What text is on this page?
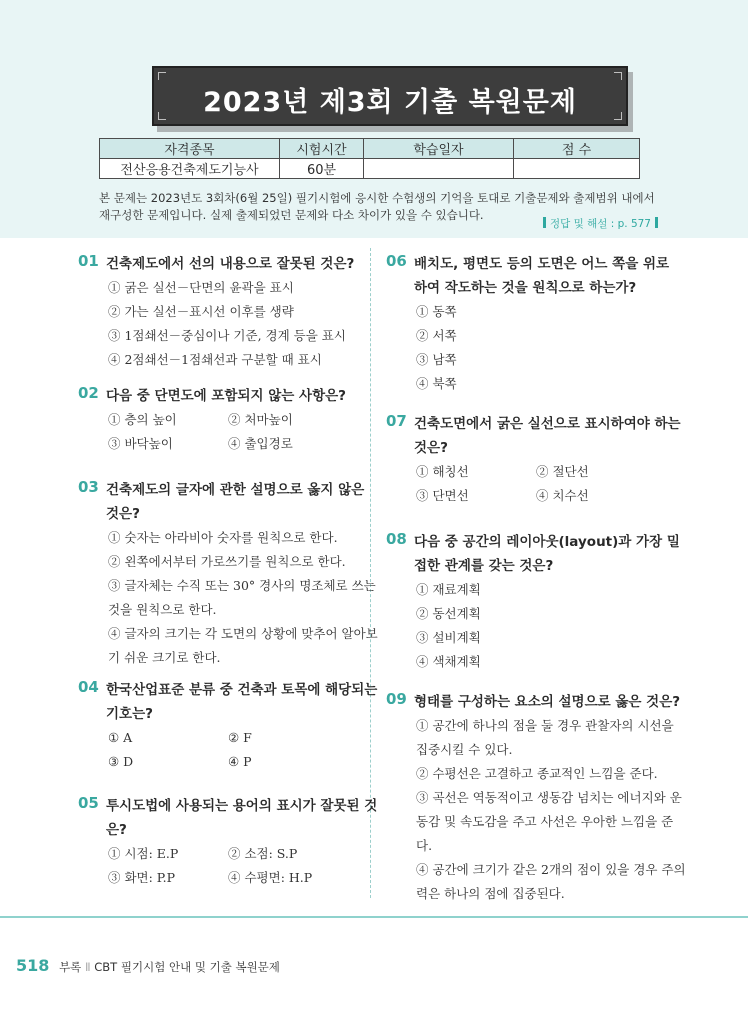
2023년 제3회 기출 복원문제
자격종목	시험시간	학습일자	점 수
전산응용건축제도기능사	60분		
본 문제는 2023년도 3회차(6월 25일) 필기시험에 응시한 수험생의 기억을 토대로 기출문제와 출제범위 내에서
재구성한 문제입니다. 실제 출제되었던 문제와 다소 차이가 있을 수 있습니다.
정답 및 해설 : p. 577
01 건축제도에서 선의 내용으로 잘못된 것은?
① 굵은 실선－단면의 윤곽을 표시
② 가는 실선－표시선 이후를 생략
③ 1점쇄선－중심이나 기준, 경계 등을 표시
④ 2점쇄선－1점쇄선과 구분할 때 표시
02 다음 중 단면도에 포함되지 않는 사항은?
① 층의 높이	② 처마높이
③ 바닥높이	④ 출입경로
03 건축제도의 글자에 관한 설명으로 옳지 않은 것은?
① 숫자는 아라비아 숫자를 원칙으로 한다.
② 왼쪽에서부터 가로쓰기를 원칙으로 한다.
③ 글자체는 수직 또는 30° 경사의 명조체로 쓰는 것을 원칙으로 한다.
④ 글자의 크기는 각 도면의 상황에 맞추어 알아보기 쉬운 크기로 한다.
04 한국산업표준 분류 중 건축과 토목에 해당되는 기호는?
① A	② F
③ D	④ P
05 투시도법에 사용되는 용어의 표시가 잘못된 것은?
① 시점: E.P	② 소점: S.P
③ 화면: P.P	④ 수평면: H.P
06 배치도, 평면도 등의 도면은 어느 쪽을 위로 하여 작도하는 것을 원칙으로 하는가?
① 동쪽
② 서쪽
③ 남쪽
④ 북쪽
07 건축도면에서 굵은 실선으로 표시하여야 하는 것은?
① 해칭선	② 절단선
③ 단면선	④ 치수선
08 다음 중 공간의 레이아웃(layout)과 가장 밀접한 관계를 갖는 것은?
① 재료계획
② 동선계획
③ 설비계획
④ 색채계획
09 형태를 구성하는 요소의 설명으로 옳은 것은?
① 공간에 하나의 점을 둘 경우 관찰자의 시선을 집중시킬 수 있다.
② 수평선은 고결하고 종교적인 느낌을 준다.
③ 곡선은 역동적이고 생동감 넘치는 에너지와 운동감 및 속도감을 주고 사선은 우아한 느낌을 준다.
④ 공간에 크기가 같은 2개의 점이 있을 경우 주의력은 하나의 점에 집중된다.
518 부록 Ⅱ CBT 필기시험 안내 및 기출 복원문제
